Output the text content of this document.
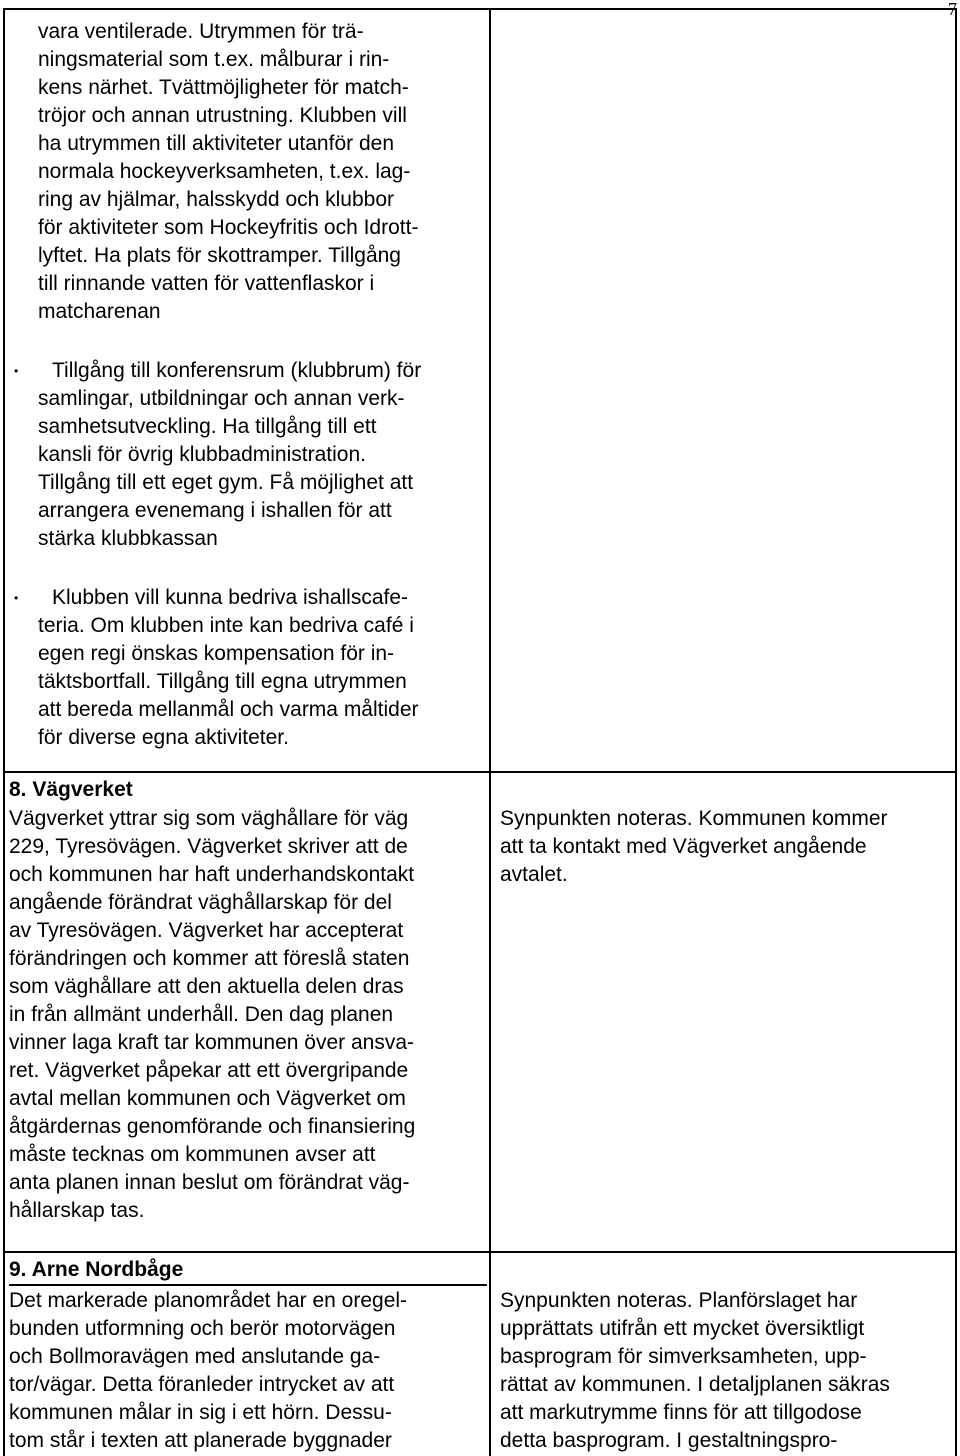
7
vara ventilerade. Utrymmen för trä-
ningsmaterial som t.ex. målburar i rin-
kens närhet. Tvättmöjligheter för match-
tröjor och annan utrustning. Klubben vill
ha utrymmen till aktiviteter utanför den
normala hockeyverksamheten, t.ex. lag-
ring av hjälmar, halsskydd och klubbor
för aktiviteter som Hockeyfritis och Idrott-
lyftet. Ha plats för skottramper. Tillgång
till rinnande vatten för vattenflaskor i
matcharenan
• Tillgång till konferensrum (klubbrum) för
samlingar, utbildningar och annan verk-
samhetsutveckling. Ha tillgång till ett
kansli för övrig klubbadministration.
Tillgång till ett eget gym. Få möjlighet att
arrangera evenemang i ishallen för att
stärka klubbkassan
• Klubben vill kunna bedriva ishallscafe-
teria. Om klubben inte kan bedriva café i
egen regi önskas kompensation för in-
täktsbortfall. Tillgång till egna utrymmen
att bereda mellanmål och varma måltider
för diverse egna aktiviteter.
8. Vägverket
Vägverket yttrar sig som väghållare för väg
229, Tyresövägen. Vägverket skriver att de
och kommunen har haft underhandskontakt
angående förändrat väghållarskap för del
av Tyresövägen. Vägverket har accepterat
förändringen och kommer att föreslå staten
som väghållare att den aktuella delen dras
in från allmänt underhåll. Den dag planen
vinner laga kraft tar kommunen över ansva-
ret. Vägverket påpekar att ett övergripande
avtal mellan kommunen och Vägverket om
åtgärdernas genomförande och finansiering
måste tecknas om kommunen avser att
anta planen innan beslut om förändrat väg-
hållarskap tas.
Synpunkten noteras. Kommunen kommer
att ta kontakt med Vägverket angående
avtalet.
9. Arne Nordbåge
Det markerade planområdet har en oregel-
bunden utformning och berör motorvägen
och Bollmoravägen med anslutande ga-
tor/vägar. Detta föranleder intrycket av att
kommunen målar in sig i ett hörn. Dessu-
tom står i texten att planerade byggnader
Synpunkten noteras. Planförslaget har
upprättats utifrån ett mycket översiktligt
basprogram för simverksamheten, upp-
rättat av kommunen. I detaljplanen säkras
att markutrymme finns för att tillgodose
detta basprogram. I gestaltningspro-
